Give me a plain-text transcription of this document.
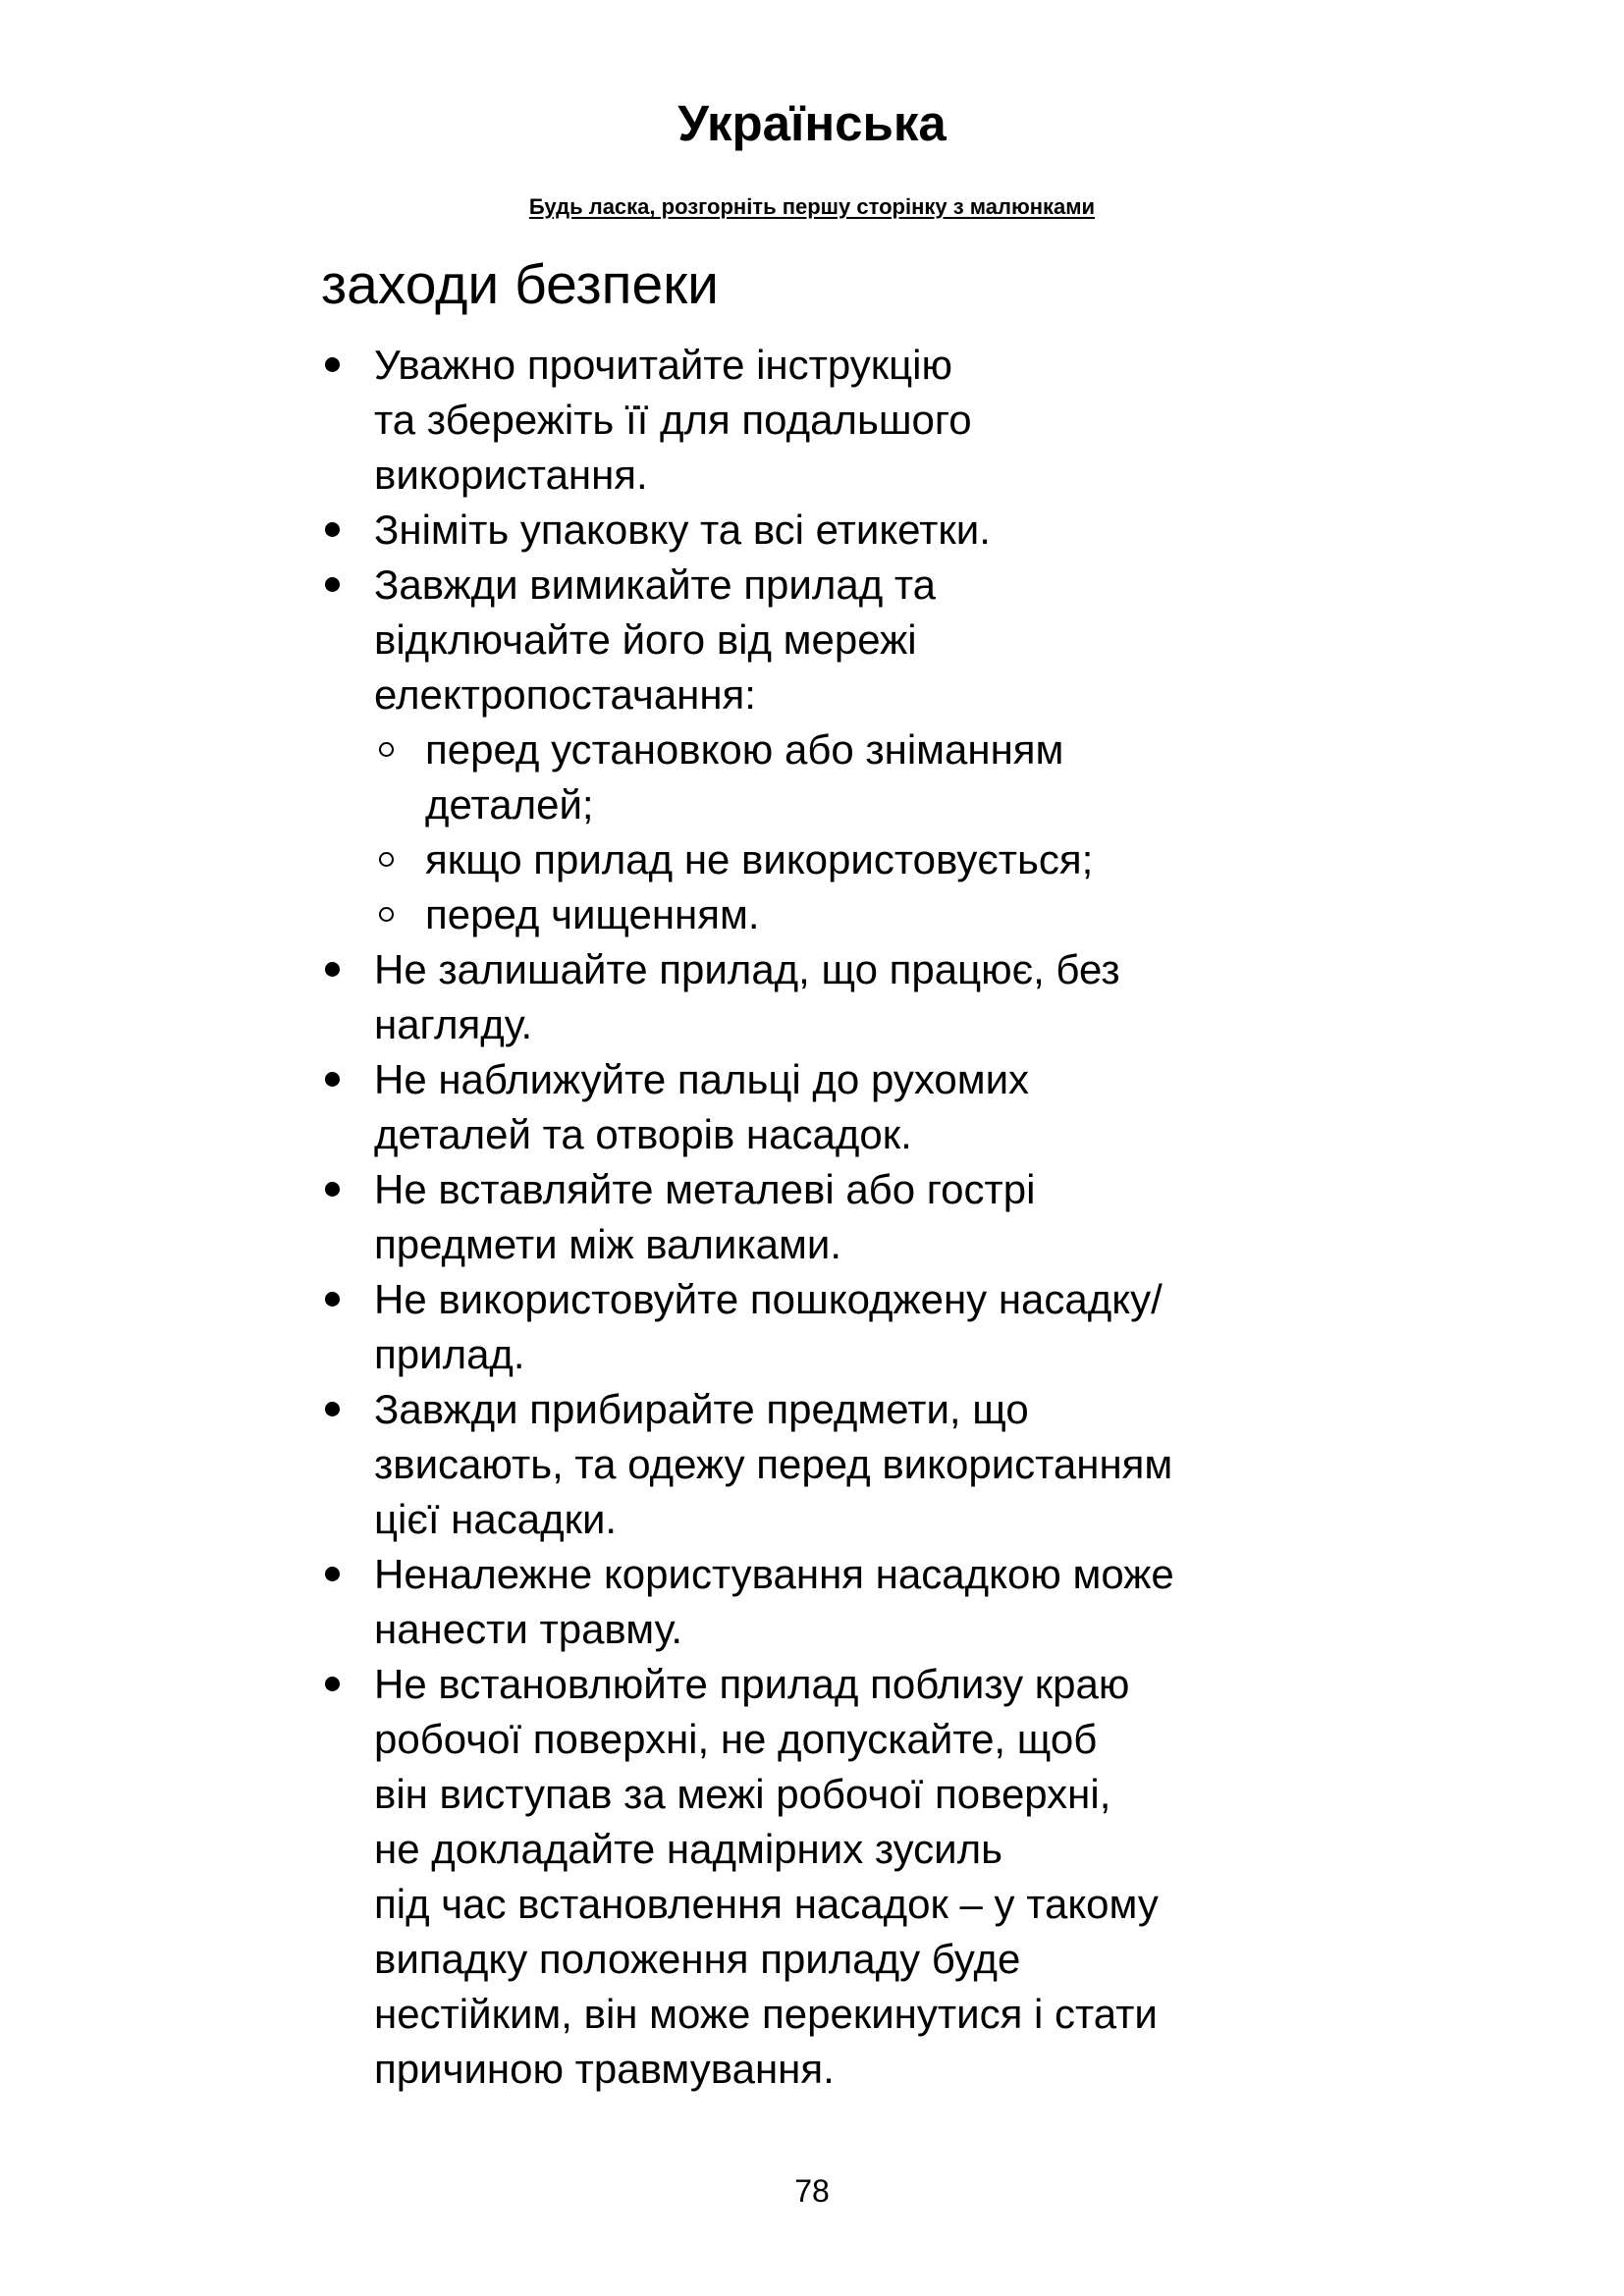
Українська
Будь ласка, розгорніть першу сторінку з малюнками
заходи безпеки
Уважно прочитайте інструкцію
та збережіть її для подальшого
використання.
Зніміть упаковку та всі етикетки.
Завжди вимикайте прилад та
відключайте його від мережі
електропостачання:
перед установкою або зніманням
деталей;
якщо прилад не використовується;
перед чищенням.
Не залишайте прилад, що працює, без
нагляду.
Не наближуйте пальці до рухомих
деталей та отворів насадок.
Не вставляйте металеві або гострі
предмети між валиками.
Не використовуйте пошкоджену насадку/
прилад.
Завжди прибирайте предмети, що
звисають, та одежу перед використанням
цієї насадки.
Неналежне користування насадкою може
нанести травму.
Не встановлюйте прилад поблизу краю
робочої поверхні, не допускайте, щоб
він виступав за межі робочої поверхні,
не докладайте надмірних зусиль
під час встановлення насадок – у такому
випадку положення приладу буде
нестійким, він може перекинутися і стати
причиною травмування.
78
